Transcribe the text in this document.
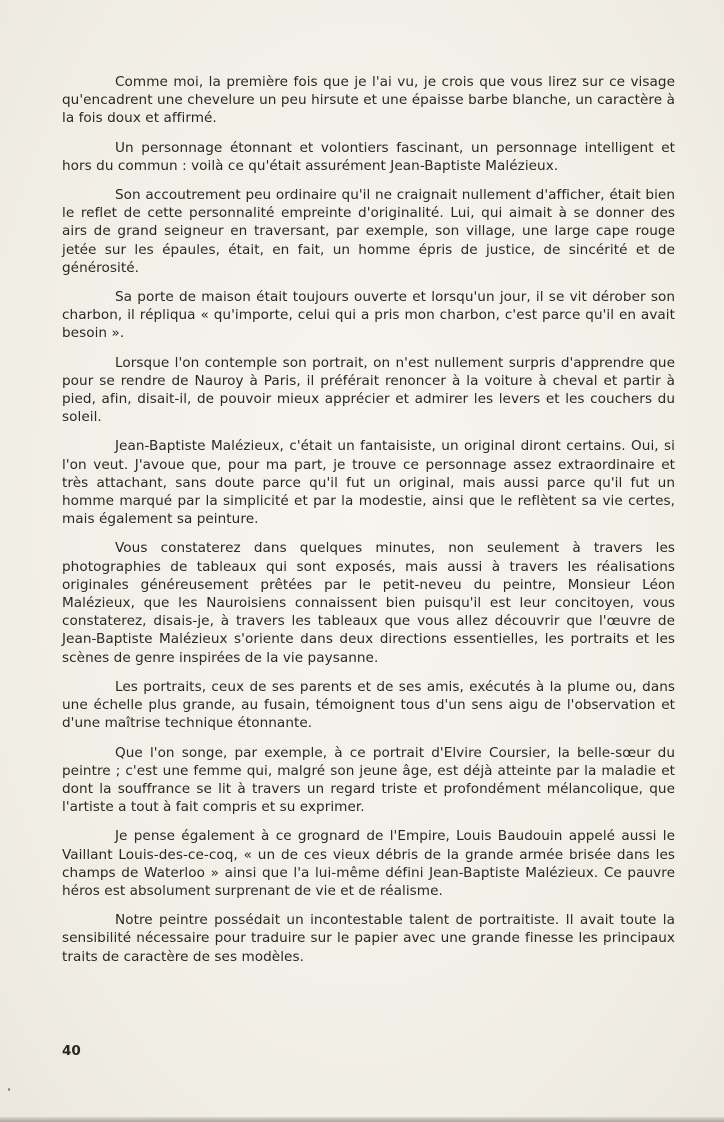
Comme moi, la première fois que je l'ai vu, je crois que vous lirez sur ce visage qu'encadrent une chevelure un peu hirsute et une épaisse barbe blanche, un caractère à la fois doux et affirmé.

Un personnage étonnant et volontiers fascinant, un personnage intelligent et hors du commun : voilà ce qu'était assurément Jean-Baptiste Malézieux.

Son accoutrement peu ordinaire qu'il ne craignait nullement d'afficher, était bien le reflet de cette personnalité empreinte d'originalité. Lui, qui aimait à se donner des airs de grand seigneur en traversant, par exemple, son village, une large cape rouge jetée sur les épaules, était, en fait, un homme épris de justice, de sincérité et de générosité.

Sa porte de maison était toujours ouverte et lorsqu'un jour, il se vit dérober son charbon, il répliqua « qu'importe, celui qui a pris mon charbon, c'est parce qu'il en avait besoin ».

Lorsque l'on contemple son portrait, on n'est nullement surpris d'apprendre que pour se rendre de Nauroy à Paris, il préférait renoncer à la voiture à cheval et partir à pied, afin, disait-il, de pouvoir mieux apprécier et admirer les levers et les couchers du soleil.

Jean-Baptiste Malézieux, c'était un fantaisiste, un original diront certains. Oui, si l'on veut. J'avoue que, pour ma part, je trouve ce personnage assez extraordinaire et très attachant, sans doute parce qu'il fut un original, mais aussi parce qu'il fut un homme marqué par la simplicité et par la modestie, ainsi que le reflètent sa vie certes, mais également sa peinture.

Vous constaterez dans quelques minutes, non seulement à travers les photographies de tableaux qui sont exposés, mais aussi à travers les réalisations originales généreusement prêtées par le petit-neveu du peintre, Monsieur Léon Malézieux, que les Nauroisiens connaissent bien puisqu'il est leur concitoyen, vous constaterez, disais-je, à travers les tableaux que vous allez découvrir que l'œuvre de Jean-Baptiste Malézieux s'oriente dans deux directions essentielles, les portraits et les scènes de genre inspirées de la vie paysanne.

Les portraits, ceux de ses parents et de ses amis, exécutés à la plume ou, dans une échelle plus grande, au fusain, témoignent tous d'un sens aigu de l'observation et d'une maîtrise technique étonnante.

Que l'on songe, par exemple, à ce portrait d'Elvire Coursier, la belle-sœur du peintre ; c'est une femme qui, malgré son jeune âge, est déjà atteinte par la maladie et dont la souffrance se lit à travers un regard triste et profondément mélancolique, que l'artiste a tout à fait compris et su exprimer.

Je pense également à ce grognard de l'Empire, Louis Baudouin appelé aussi le Vaillant Louis-des-ce-coq, « un de ces vieux débris de la grande armée brisée dans les champs de Waterloo » ainsi que l'a lui-même défini Jean-Baptiste Malézieux. Ce pauvre héros est absolument surprenant de vie et de réalisme.

Notre peintre possédait un incontestable talent de portraitiste. Il avait toute la sensibilité nécessaire pour traduire sur le papier avec une grande finesse les principaux traits de caractère de ses modèles.

40
